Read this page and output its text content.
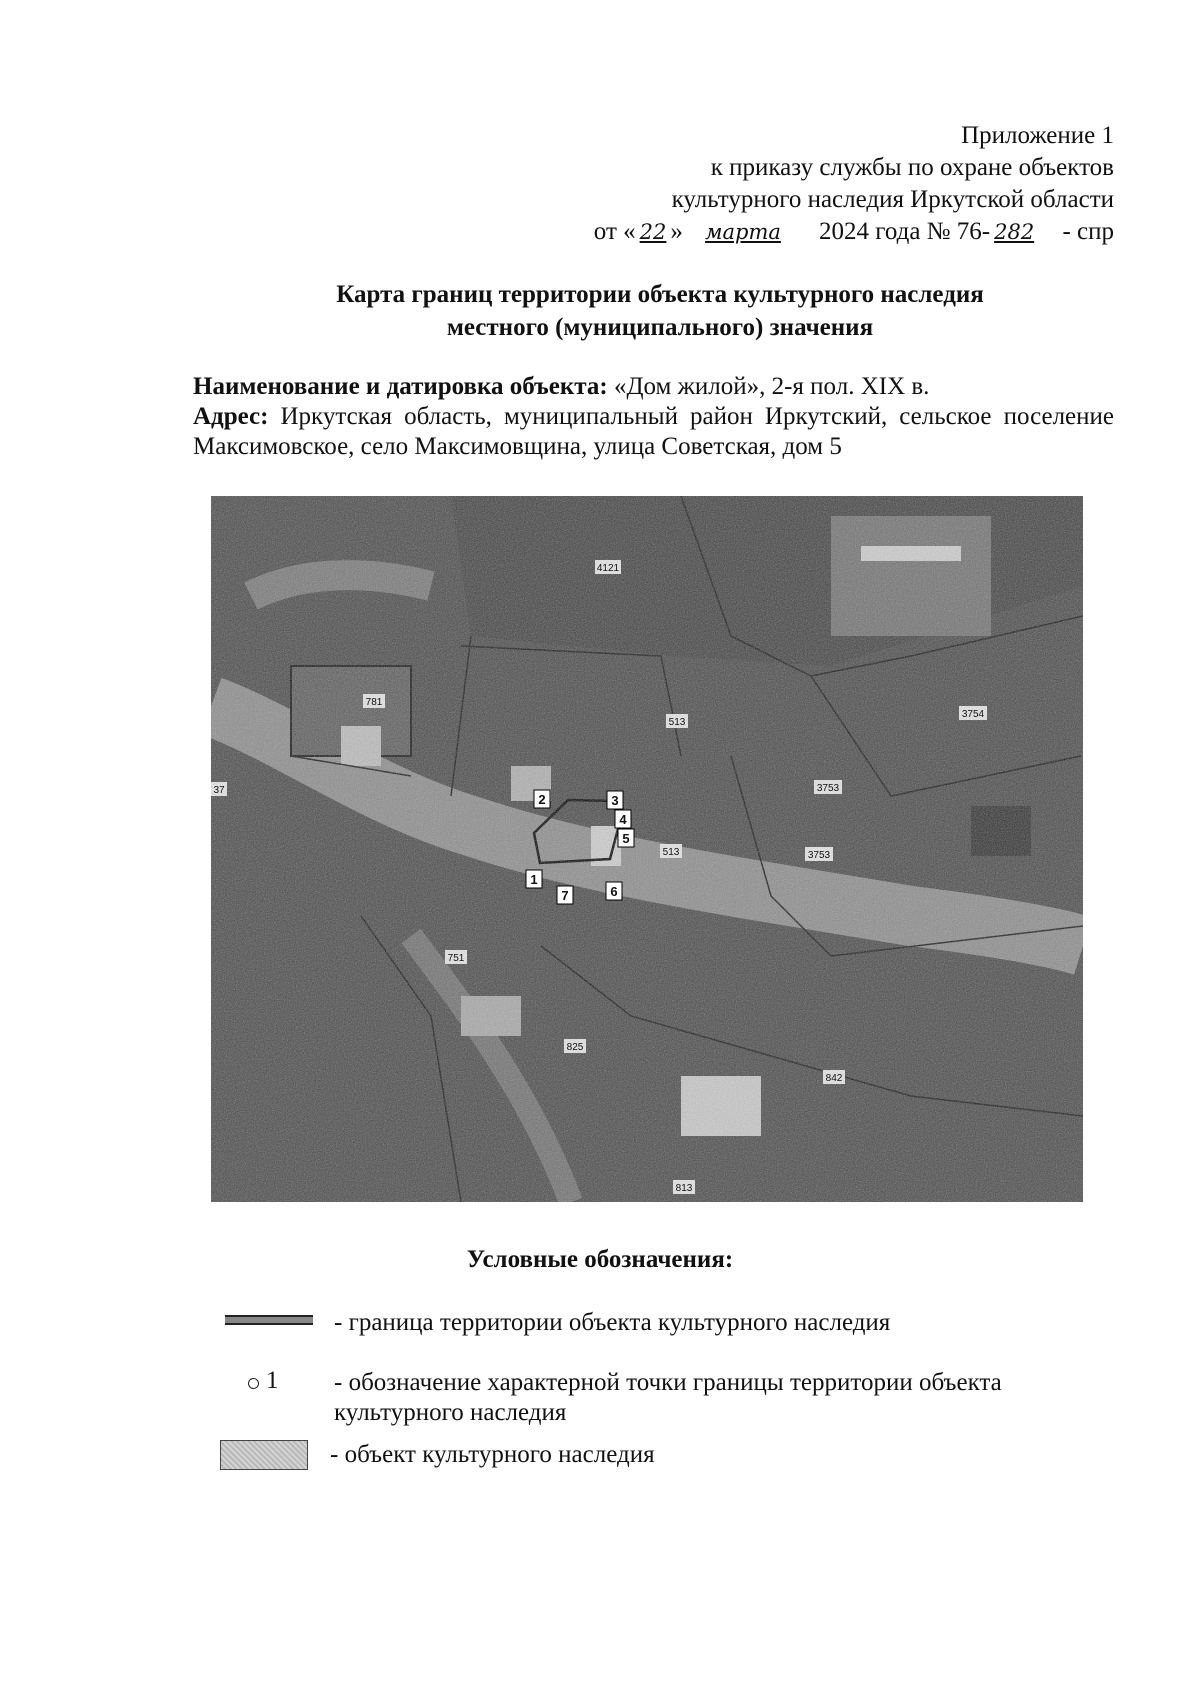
Приложение 1
к приказу службы по охране объектов
культурного наследия Иркутской области
от « 22 » марта 2024 года № 76- 282 - спр
Карта границ территории объекта культурного наследия
местного (муниципального) значения
Наименование и датировка объекта: «Дом жилой», 2-я пол. XIX в.
Адрес: Иркутская область, муниципальный район Иркутский, сельское поселение Максимовское, село Максимовщина, улица Советская, дом 5
1
2	3
4
5
6
7
4121
781
513
3754
3753
3753
513
751
825
842
813
37
Условные обозначения:
- граница территории объекта культурного наследия
1 - обозначение характерной точки границы территории объекта культурного наследия
- объект культурного наследия
